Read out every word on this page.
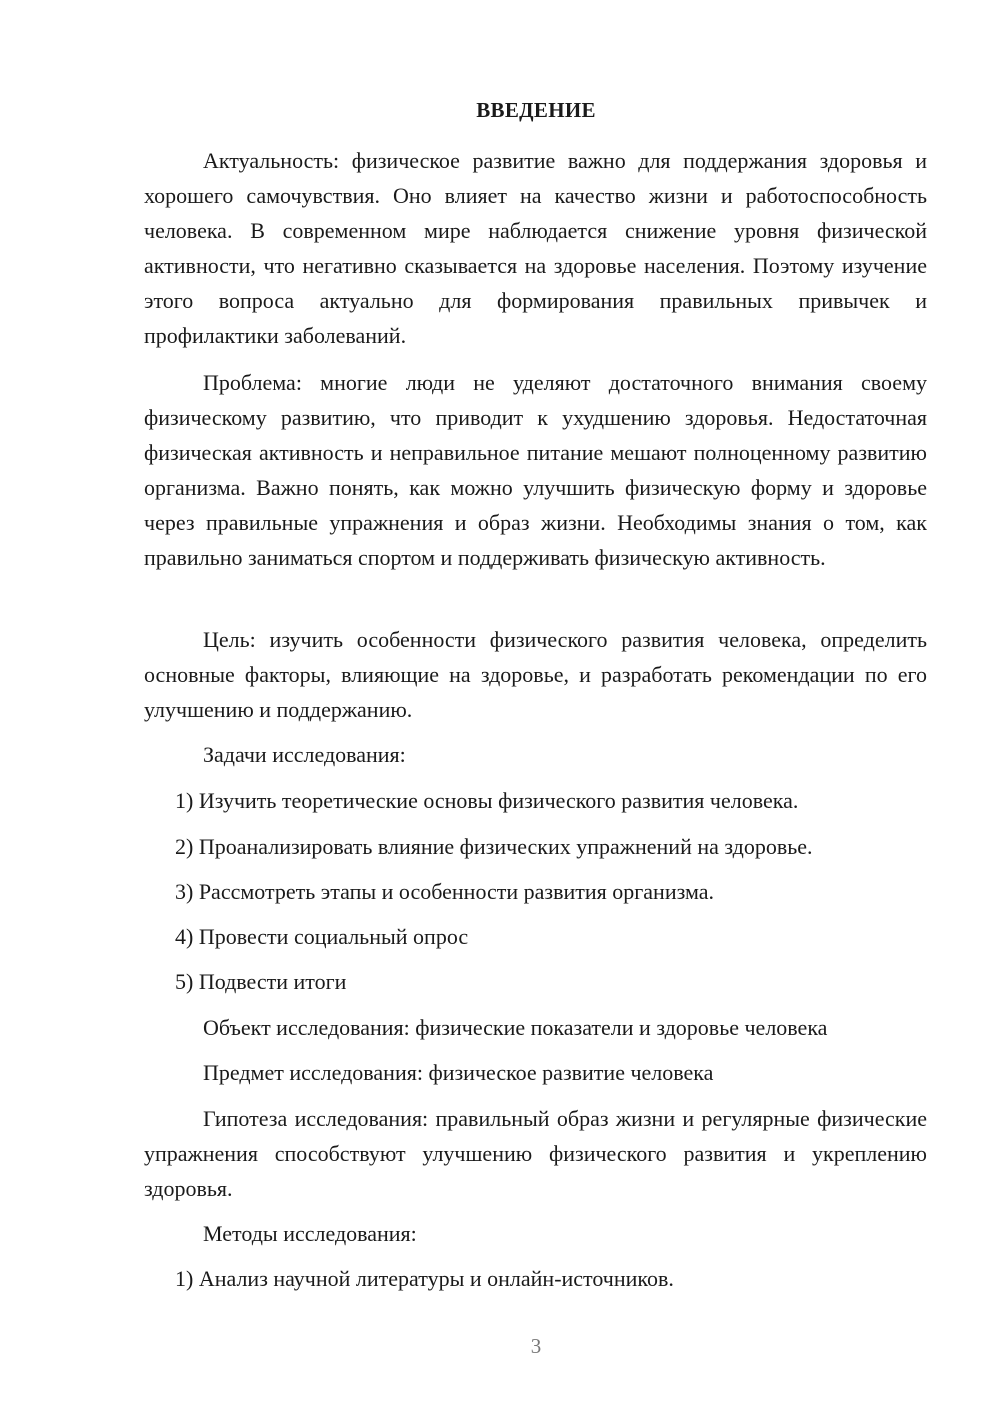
ВВЕДЕНИЕ

Актуальность: физическое развитие важно для поддержания здоровья и хорошего самочувствия. Оно влияет на качество жизни и работоспособность человека. В современном мире наблюдается снижение уровня физической активности, что негативно сказывается на здоровье населения. Поэтому изучение этого вопроса актуально для формирования правильных привычек и профилактики заболеваний.

Проблема: многие люди не уделяют достаточного внимания своему физическому развитию, что приводит к ухудшению здоровья. Недостаточная физическая активность и неправильное питание мешают полноценному развитию организма. Важно понять, как можно улучшить физическую форму и здоровье через правильные упражнения и образ жизни. Необходимы знания о том, как правильно заниматься спортом и поддерживать физическую активность.

Цель: изучить особенности физического развития человека, определить основные факторы, влияющие на здоровье, и разработать рекомендации по его улучшению и поддержанию.

Задачи исследования:

1) Изучить теоретические основы физического развития человека.

2) Проанализировать влияние физических упражнений на здоровье.

3) Рассмотреть этапы и особенности развития организма.

4) Провести социальный опрос

5) Подвести итоги

Объект исследования: физические показатели и здоровье человека

Предмет исследования: физическое развитие человека

Гипотеза исследования: правильный образ жизни и регулярные физические упражнения способствуют улучшению физического развития и укреплению здоровья.

Методы исследования:

1) Анализ научной литературы и онлайн-источников.

3
